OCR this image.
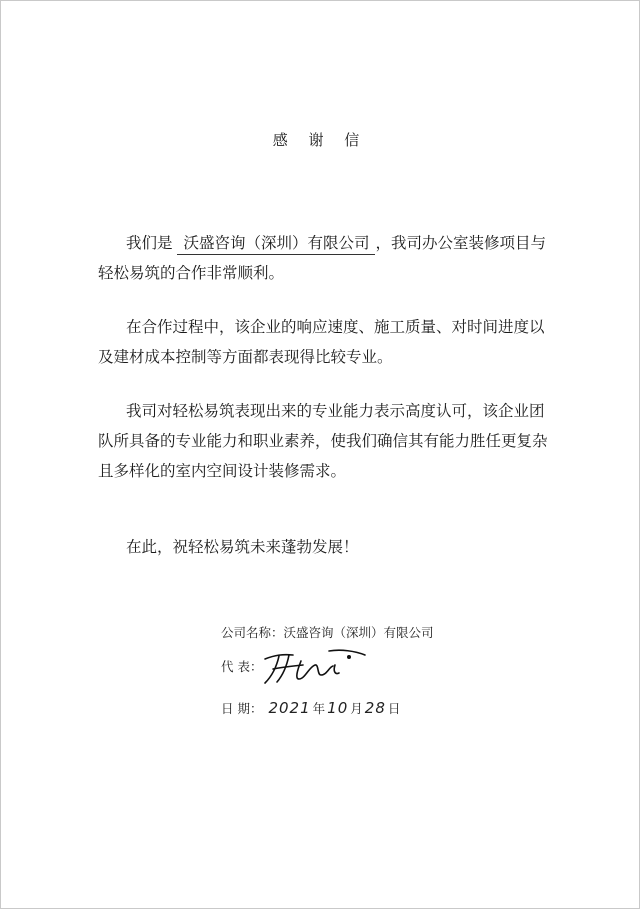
感 谢 信

我们是 沃盛咨询（深圳）有限公司 ，我司办公室装修项目与轻松易筑的合作非常顺利。

在合作过程中，该企业的响应速度、施工质量、对时间进度以及建材成本控制等方面都表现得比较专业。

我司对轻松易筑表现出来的专业能力表示高度认可，该企业团队所具备的专业能力和职业素养，使我们确信其有能力胜任更复杂且多样化的室内空间设计装修需求。

在此，祝轻松易筑未来蓬勃发展！

公司名称：沃盛咨询（深圳）有限公司
代 表：
日 期： 2021 年 10 月 28 日
